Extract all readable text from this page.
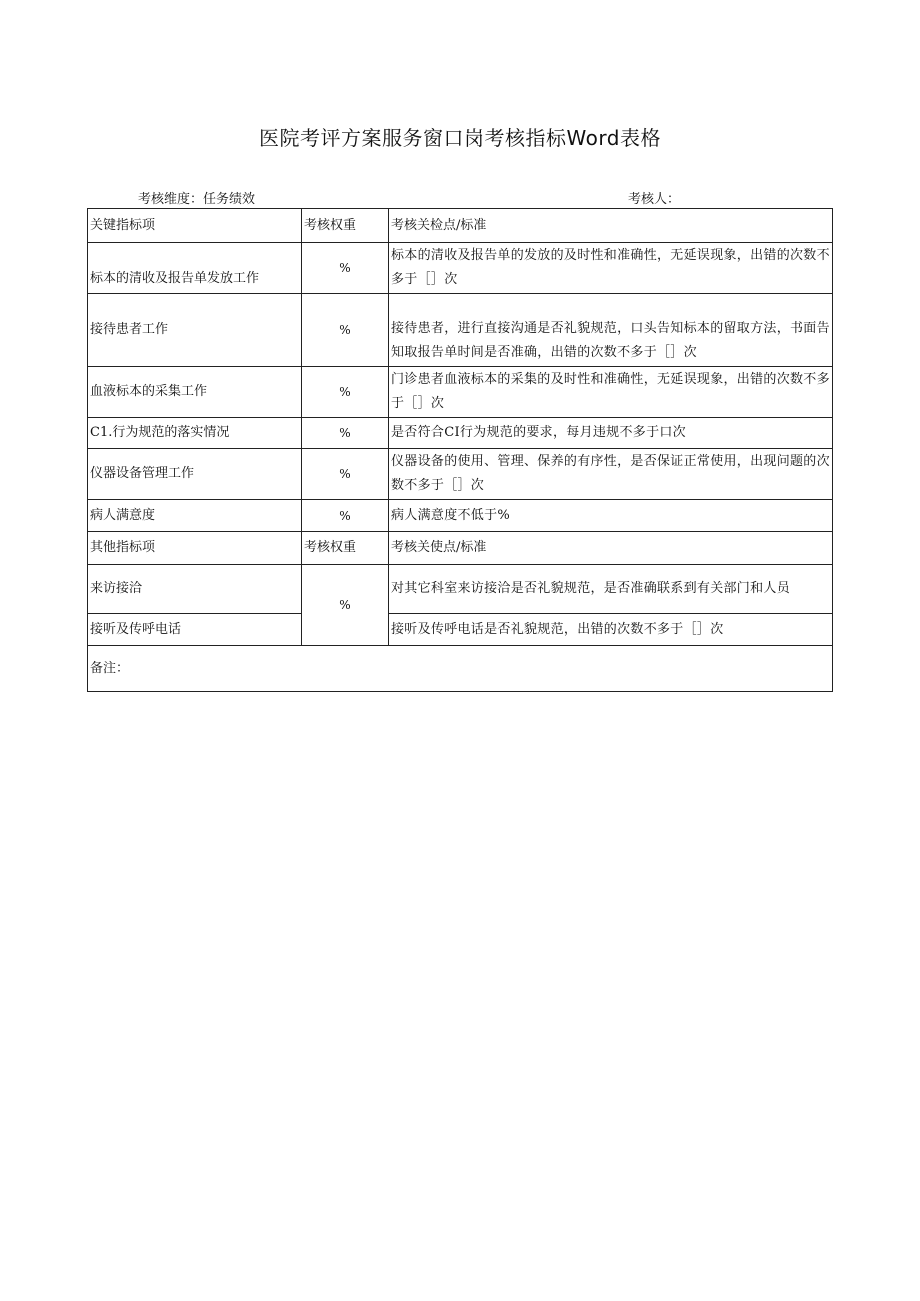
医院考评方案服务窗口岗考核指标Word表格
考核维度：任务绩效	考核人：
关键指标项	考核权重	考核关检点/标准
标本的清收及报告单发放工作	%	标本的清收及报告单的发放的及时性和准确性，无延误现象，出错的次数不多于［］次
接待患者工作	%	接待患者，进行直接沟通是否礼貌规范，口头告知标本的留取方法，书面告知取报告单时间是否准确，出错的次数不多于［］次
血液标本的采集工作	%	门诊患者血液标本的采集的及时性和准确性，无延误现象，出错的次数不多于［］次
C1.行为规范的落实情况	%	是否符合CI行为规范的要求，每月违规不多于口次
仪器设备管理工作	%	仪器设备的使用、管理、保养的有序性，是否保证正常使用，出现问题的次数不多于［］次
病人满意度	%	病人满意度不低于%
其他指标项	考核权重	考核关使点/标准
来访接洽	%	对其它科室来访接洽是否礼貌规范，是否准确联系到有关部门和人员
接听及传呼电话		接听及传呼电话是否礼貌规范，出错的次数不多于［］次
备注：		
